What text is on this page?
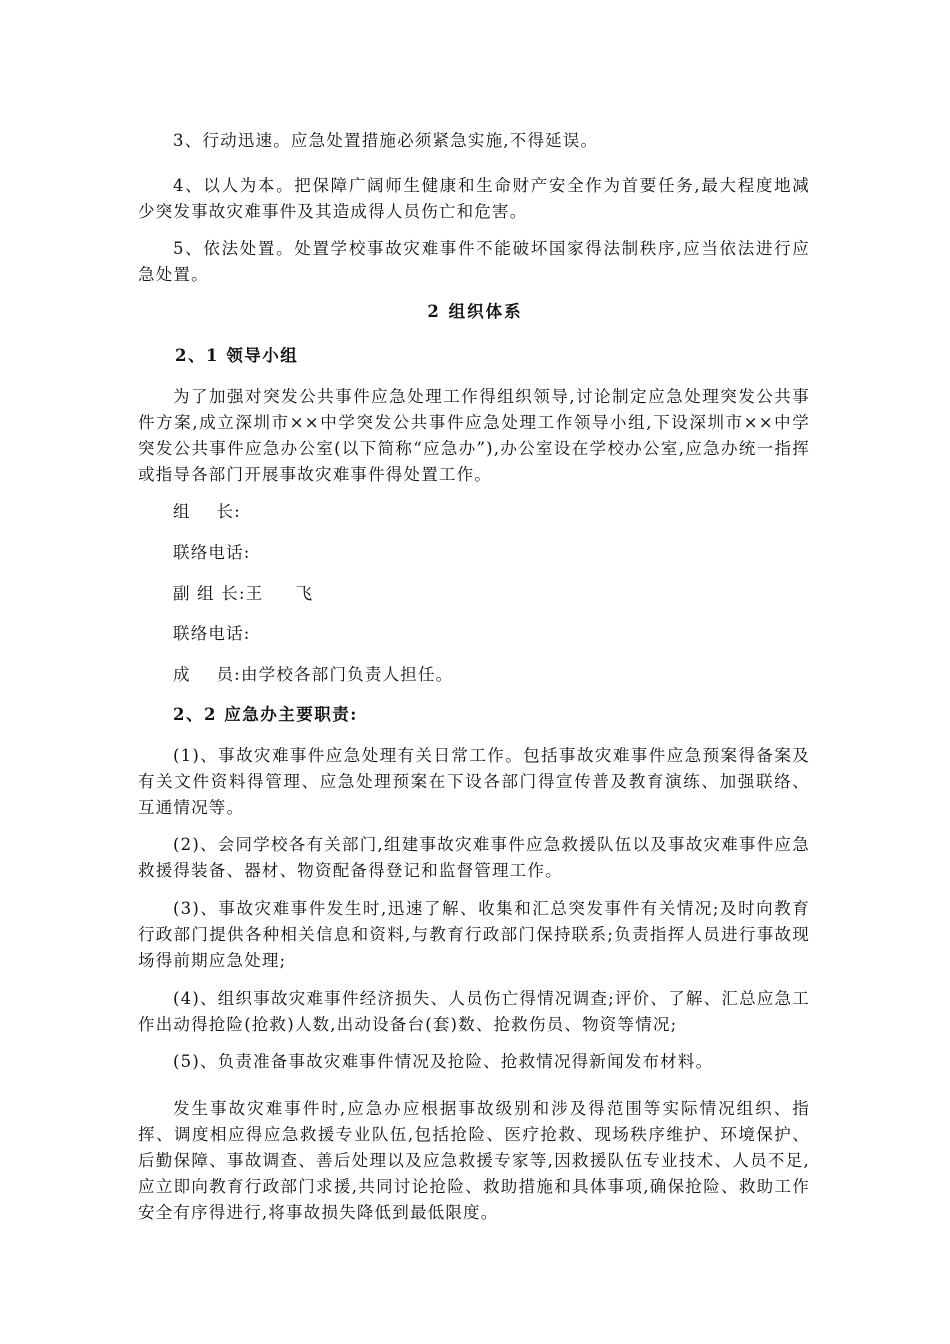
3、行动迅速。应急处置措施必须紧急实施,不得延误。

4、以人为本。把保障广阔师生健康和生命财产安全作为首要任务,最大程度地减少突发事故灾难事件及其造成得人员伤亡和危害。

5、依法处置。处置学校事故灾难事件不能破坏国家得法制秩序,应当依法进行应急处置。

2 组织体系

2、1 领导小组

为了加强对突发公共事件应急处理工作得组织领导,讨论制定应急处理突发公共事件方案,成立深圳市××中学突发公共事件应急处理工作领导小组,下设深圳市××中学突发公共事件应急办公室(以下简称“应急办”),办公室设在学校办公室,应急办统一指挥或指导各部门开展事故灾难事件得处置工作。

组    长:

联络电话:

副 组 长:王     飞

联络电话:

成    员:由学校各部门负责人担任。

2、2 应急办主要职责:

(1)、事故灾难事件应急处理有关日常工作。包括事故灾难事件应急预案得备案及有关文件资料得管理、应急处理预案在下设各部门得宣传普及教育演练、加强联络、互通情况等。

(2)、会同学校各有关部门,组建事故灾难事件应急救援队伍以及事故灾难事件应急救援得装备、器材、物资配备得登记和监督管理工作。

(3)、事故灾难事件发生时,迅速了解、收集和汇总突发事件有关情况;及时向教育行政部门提供各种相关信息和资料,与教育行政部门保持联系;负责指挥人员进行事故现场得前期应急处理;

(4)、组织事故灾难事件经济损失、人员伤亡得情况调查;评价、了解、汇总应急工作出动得抢险(抢救)人数,出动设备台(套)数、抢救伤员、物资等情况;

(5)、负责准备事故灾难事件情况及抢险、抢救情况得新闻发布材料。

发生事故灾难事件时,应急办应根据事故级别和涉及得范围等实际情况组织、指挥、调度相应得应急救援专业队伍,包括抢险、医疗抢救、现场秩序维护、环境保护、后勤保障、事故调查、善后处理以及应急救援专家等,因救援队伍专业技术、人员不足,应立即向教育行政部门求援,共同讨论抢险、救助措施和具体事项,确保抢险、救助工作安全有序得进行,将事故损失降低到最低限度。
